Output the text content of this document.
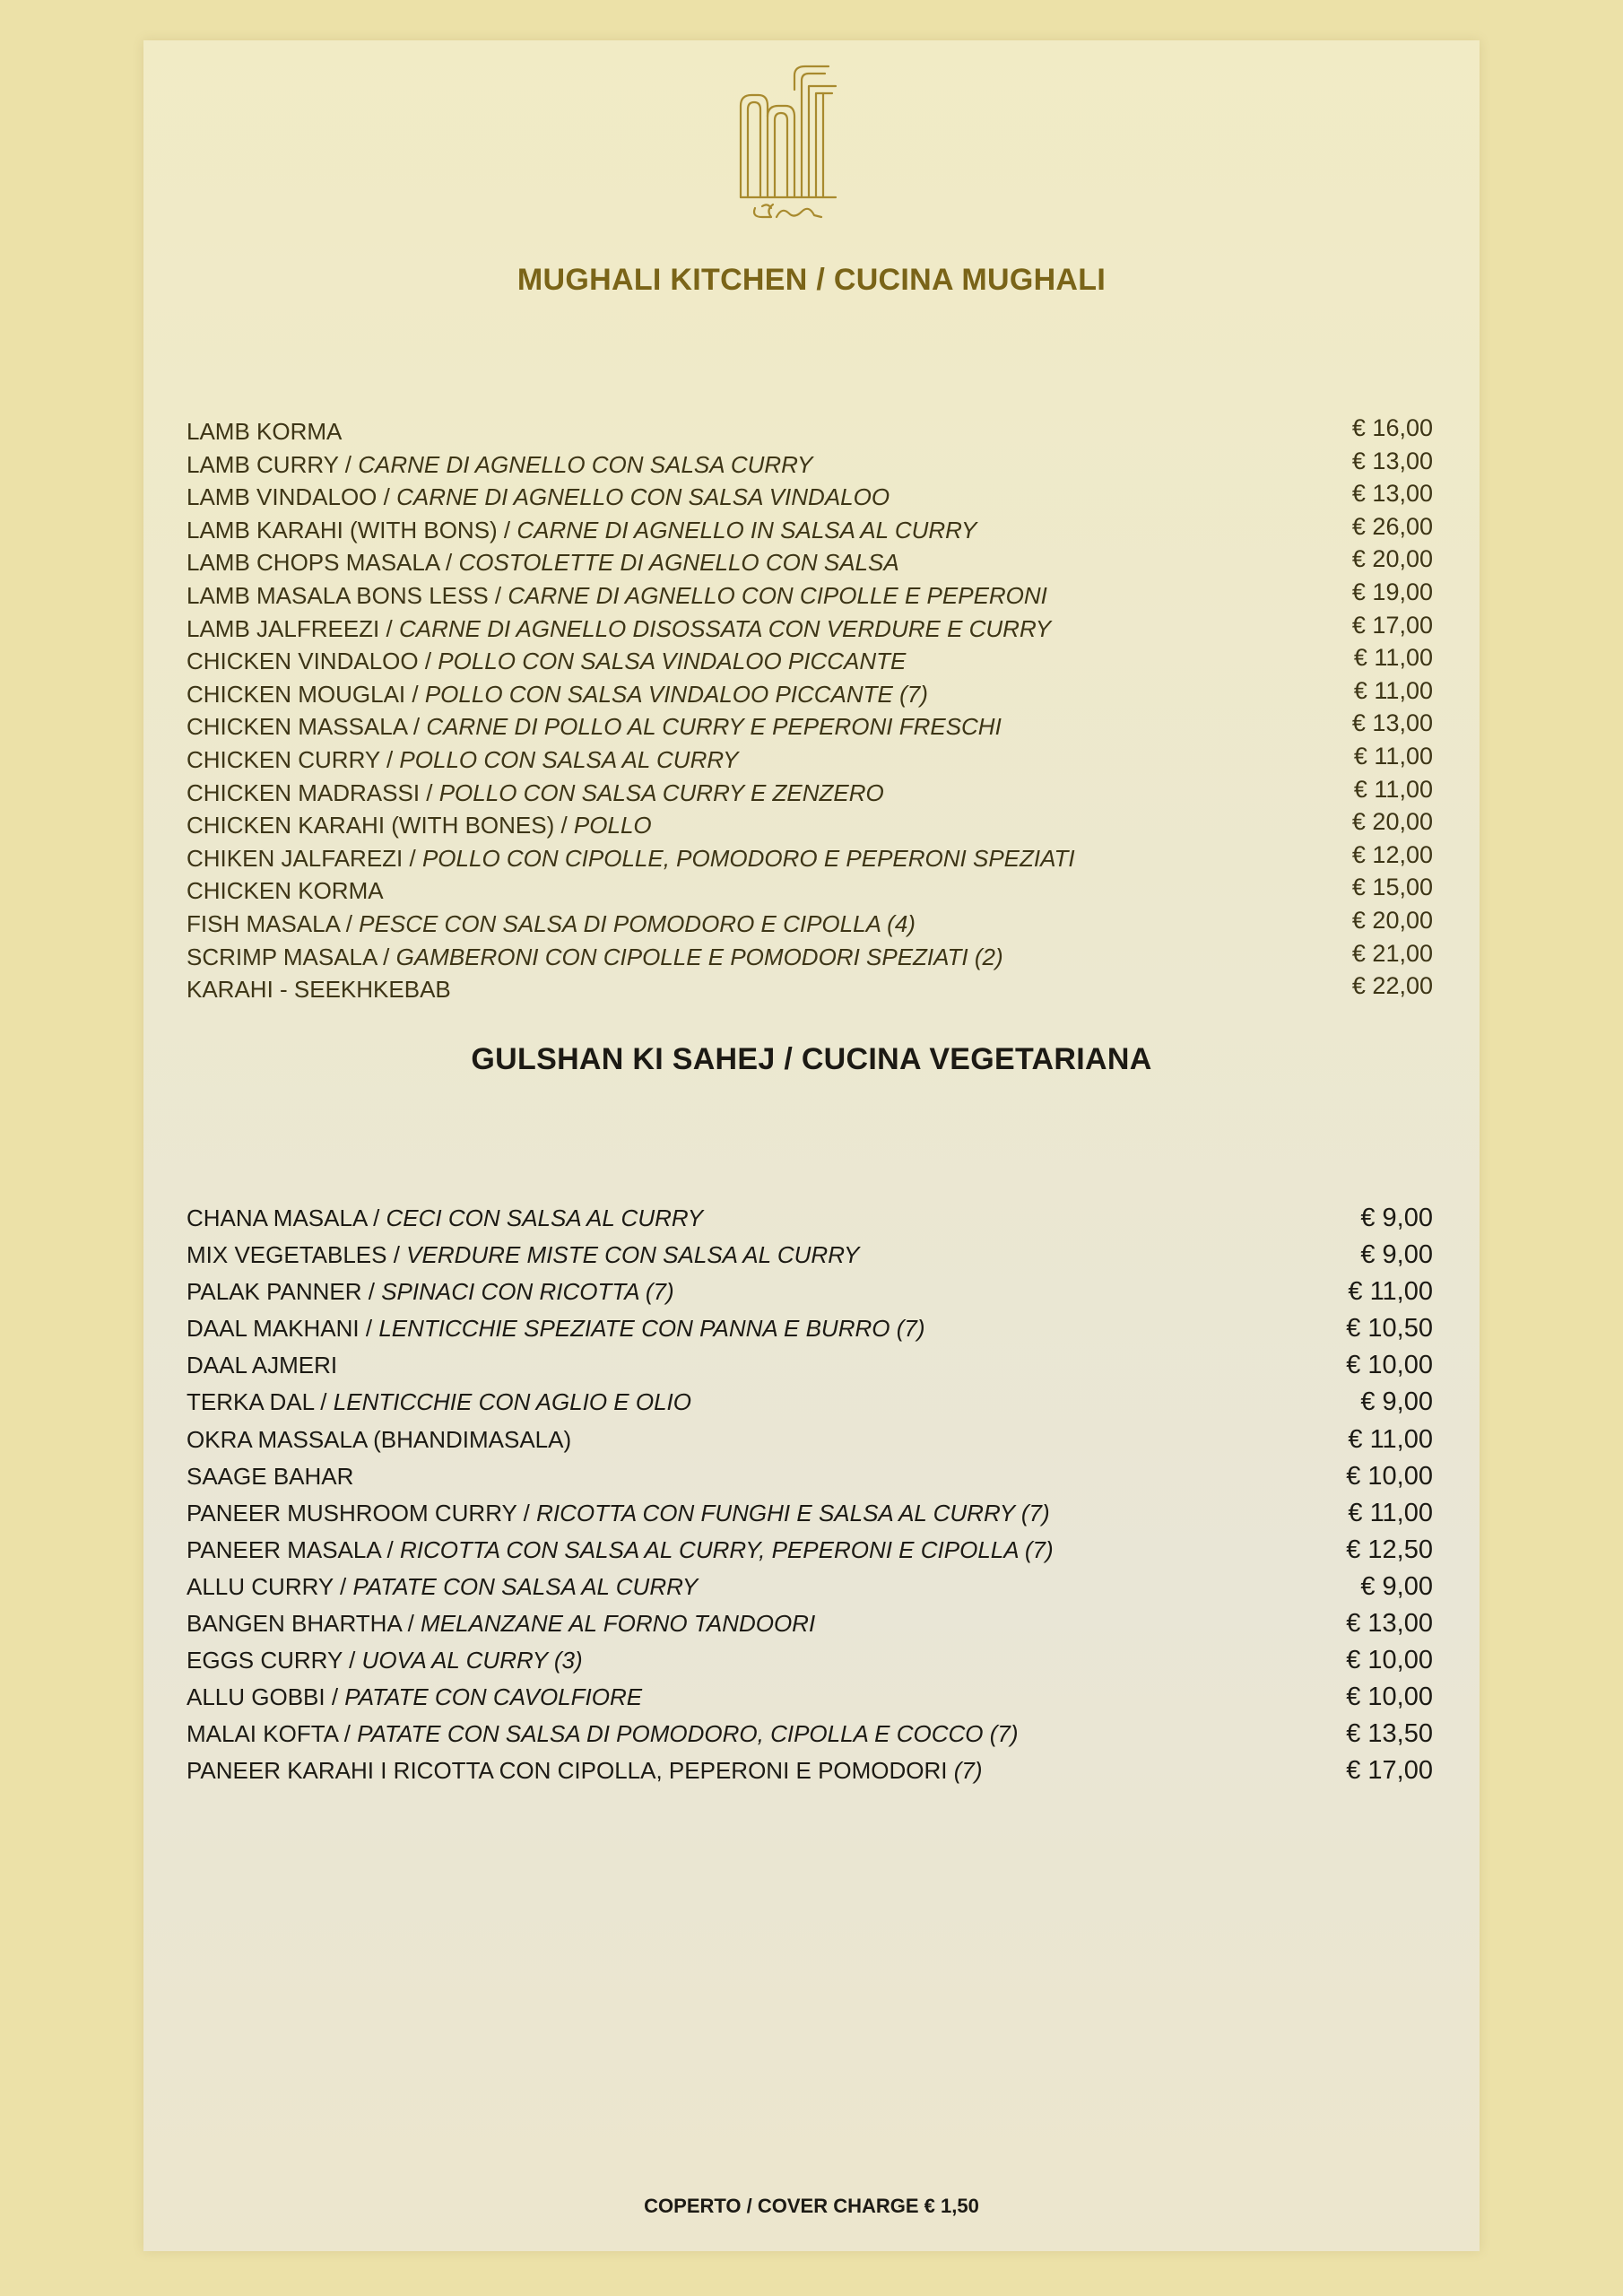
MUGHALI KITCHEN / CUCINA MUGHALI
LAMB KORMA	€ 16,00
LAMB CURRY / CARNE DI AGNELLO CON SALSA CURRY	€ 13,00
LAMB VINDALOO / CARNE DI AGNELLO CON SALSA VINDALOO	€ 13,00
LAMB KARAHI (WITH BONS) / CARNE DI AGNELLO IN SALSA AL CURRY	€ 26,00
LAMB CHOPS MASALA / COSTOLETTE DI AGNELLO CON SALSA	€ 20,00
LAMB MASALA BONS LESS / CARNE DI AGNELLO CON CIPOLLE E PEPERONI	€ 19,00
LAMB JALFREEZI / CARNE DI AGNELLO DISOSSATA CON VERDURE E CURRY	€ 17,00
CHICKEN VINDALOO / POLLO CON SALSA VINDALOO PICCANTE	€ 11,00
CHICKEN MOUGLAI / POLLO CON SALSA VINDALOO PICCANTE (7)	€ 11,00
CHICKEN MASSALA / CARNE DI POLLO AL CURRY E PEPERONI FRESCHI	€ 13,00
CHICKEN CURRY / POLLO CON SALSA AL CURRY	€ 11,00
CHICKEN MADRASSI / POLLO CON SALSA CURRY E ZENZERO	€ 11,00
CHICKEN KARAHI (WITH BONES) / POLLO	€ 20,00
CHIKEN JALFAREZI / POLLO CON CIPOLLE, POMODORO E PEPERONI SPEZIATI	€ 12,00
CHICKEN KORMA	€ 15,00
FISH MASALA / PESCE CON SALSA DI POMODORO E CIPOLLA (4)	€ 20,00
SCRIMP MASALA / GAMBERONI CON CIPOLLE E POMODORI SPEZIATI (2)	€ 21,00
KARAHI - SEEKHKEBAB	€ 22,00
GULSHAN KI SAHEJ / CUCINA VEGETARIANA
CHANA MASALA / CECI CON SALSA AL CURRY	€ 9,00
MIX VEGETABLES / VERDURE MISTE CON SALSA AL CURRY	€ 9,00
PALAK PANNER / SPINACI CON RICOTTA (7)	€ 11,00
DAAL MAKHANI / LENTICCHIE SPEZIATE CON PANNA E BURRO (7)	€ 10,50
DAAL AJMERI	€ 10,00
TERKA DAL / LENTICCHIE CON AGLIO E OLIO	€ 9,00
OKRA MASSALA (BHANDIMASALA)	€ 11,00
SAAGE BAHAR	€ 10,00
PANEER MUSHROOM CURRY / RICOTTA CON FUNGHI E SALSA AL CURRY (7)	€ 11,00
PANEER MASALA / RICOTTA CON SALSA AL CURRY, PEPERONI E CIPOLLA (7)	€ 12,50
ALLU CURRY / PATATE CON SALSA AL CURRY	€ 9,00
BANGEN BHARTHA / MELANZANE AL FORNO TANDOORI	€ 13,00
EGGS CURRY / UOVA AL CURRY (3)	€ 10,00
ALLU GOBBI / PATATE CON CAVOLFIORE	€ 10,00
MALAI KOFTA / PATATE CON SALSA DI POMODORO, CIPOLLA E COCCO (7)	€ 13,50
PANEER KARAHI I RICOTTA CON CIPOLLA, PEPERONI E POMODORI (7)	€ 17,00
COPERTO / COVER CHARGE € 1,50
